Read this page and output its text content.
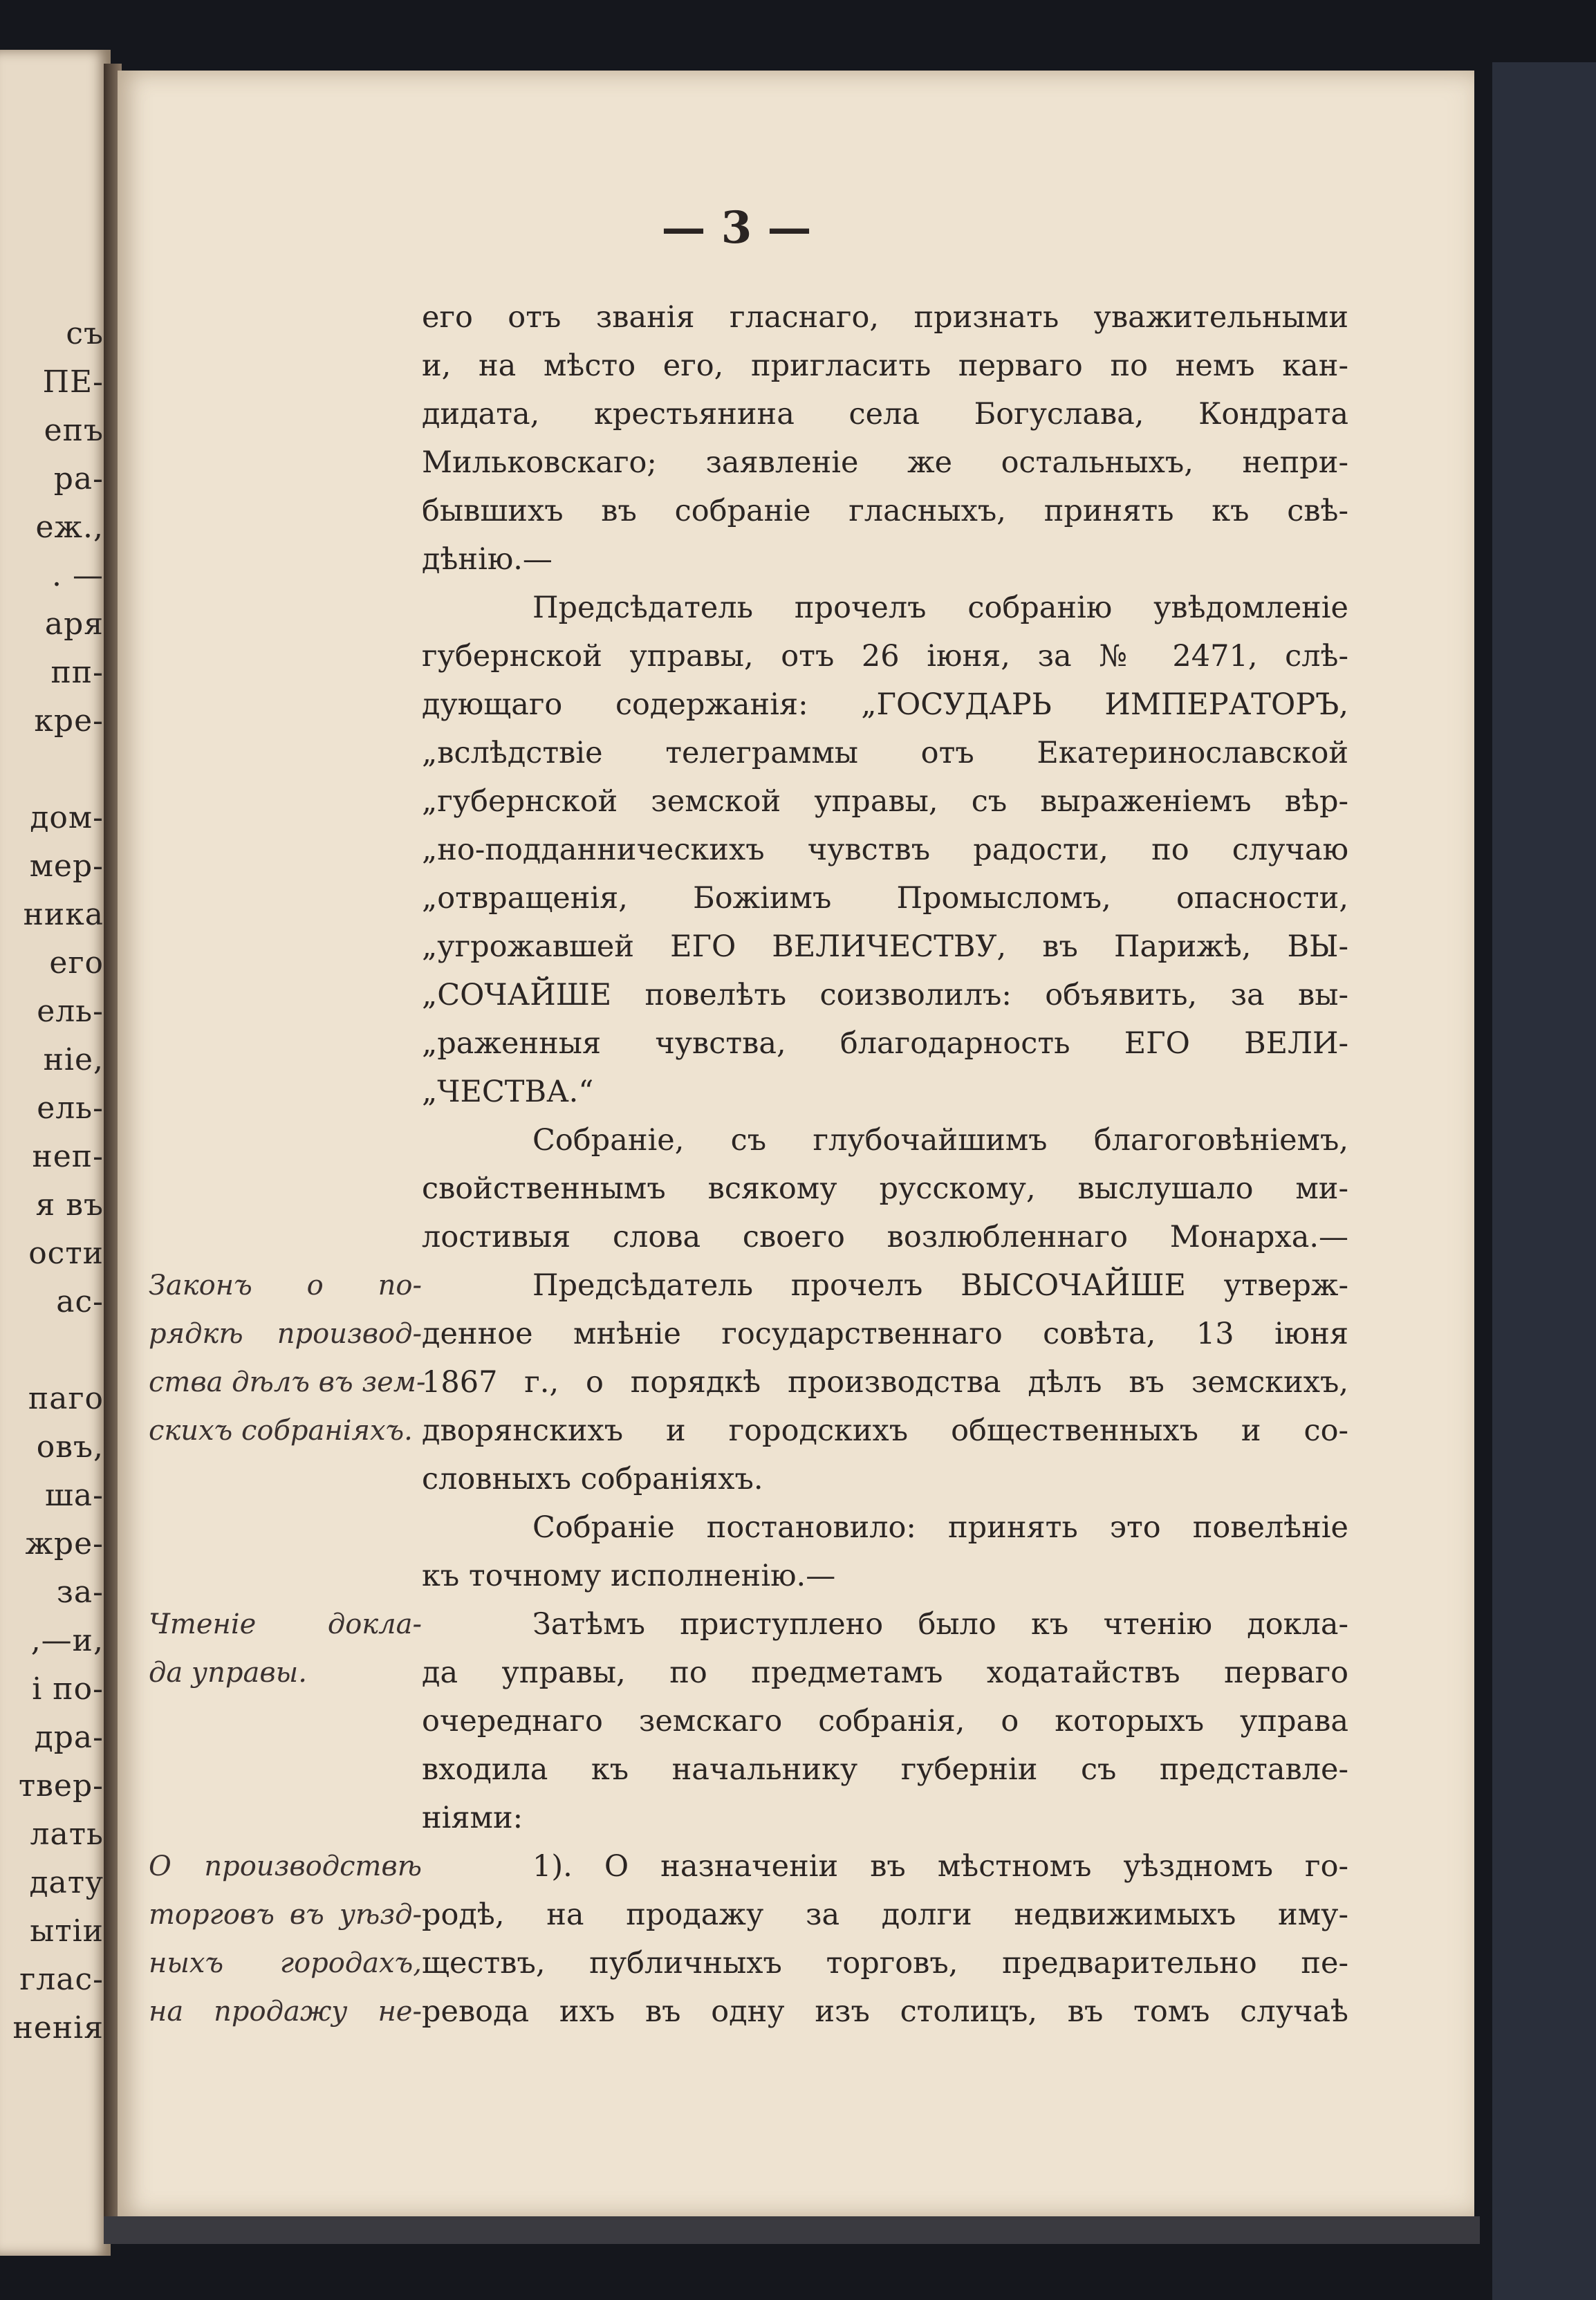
съ
ПЕ-
епъ
ра-
еж.,
. —
аря
пп-
кре-
дом-
мер-
ника
его
ель-
ніе,
ель-
неп-
я въ
ости
ас-
паго
овъ,
ша-
жре-
за-
,—и,
і по-
дра-
твер-
лать
дату
ытіи
глас-
ненія
— 3 —
его отъ званія гласнаго, признать уважительными
и, на мѣсто его, пригласить перваго по немъ кан-
дидата, крестьянина села Богуслава, Кондрата
Мильковскаго; заявленіе же остальныхъ, непри-
бывшихъ въ собраніе гласныхъ, принять къ свѣ-
дѣнію.—
Предсѣдатель прочелъ собранію увѣдомленіе
губернской управы, отъ 26 іюня, за № 2471, слѣ-
дующаго содержанія: „ГОСУДАРЬ ИМПЕРАТОРЪ,
„вслѣдствіе телеграммы отъ Екатеринославской
„губернской земской управы, съ выраженіемъ вѣр-
„но-подданническихъ чувствъ радости, по случаю
„отвращенія, Божіимъ Промысломъ, опасности,
„угрожавшей ЕГО ВЕЛИЧЕСТВУ, въ Парижѣ, ВЫ-
„СОЧАЙШЕ повелѣть соизволилъ: объявить, за вы-
„раженныя чувства, благодарность ЕГО ВЕЛИ-
„ЧЕСТВА.“
Собраніе, съ глубочайшимъ благоговѣніемъ,
свойственнымъ всякому русскому, выслушало ми-
лостивыя слова своего возлюбленнаго Монарха.—
Предсѣдатель прочелъ ВЫСОЧАЙШЕ утверж-
денное мнѣніе государственнаго совѣта, 13 іюня
1867 г., о порядкѣ производства дѣлъ въ земскихъ,
дворянскихъ и городскихъ общественныхъ и со-
словныхъ собраніяхъ.
Собраніе постановило: принять это повелѣніе
къ точному исполненію.—
Затѣмъ приступлено было къ чтенію докла-
да управы, по предметамъ ходатайствъ перваго
очереднаго земскаго собранія, о которыхъ управа
входила къ начальнику губерніи съ представле-
ніями:
1). О назначеніи въ мѣстномъ уѣздномъ го-
родѣ, на продажу за долги недвижимыхъ иму-
ществъ, публичныхъ торговъ, предварительно пе-
ревода ихъ въ одну изъ столицъ, въ томъ случаѣ
Законъ о по-
рядкѣ производ-
ства дѣлъ въ зем-
скихъ собраніяхъ.
Чтеніе докла-
да управы.
О производствѣ
торговъ въ уѣзд-
ныхъ городахъ,
на продажу не-
